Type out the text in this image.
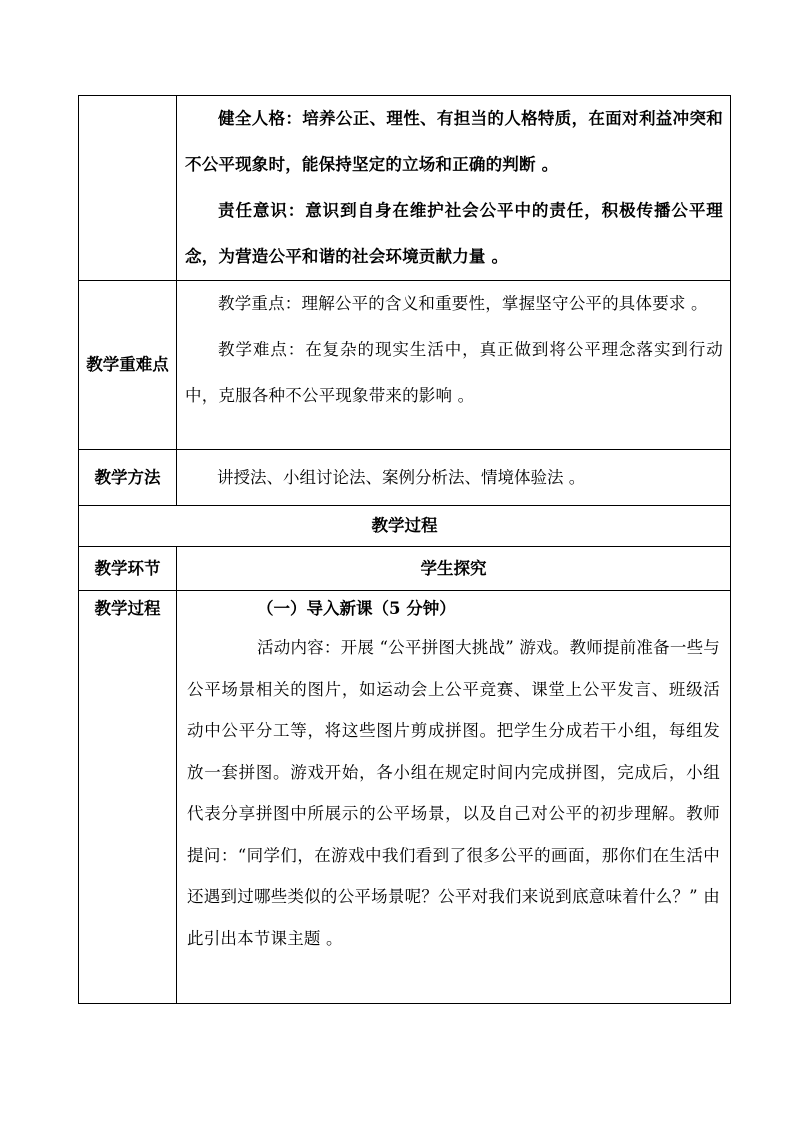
	健全人格：培养公正、理性、有担当的人格特质，在面对利益冲突和不公平现象时，能保持坚定的立场和正确的判断 。

责任意识：意识到自身在维护社会公平中的责任，积极传播公平理念，为营造公平和谐的社会环境贡献力量 。

教学重难点	教学重点：理解公平的含义和重要性，掌握坚守公平的具体要求 。

教学难点：在复杂的现实生活中，真正做到将公平理念落实到行动中，克服各种不公平现象带来的影响 。

教学方法	讲授法、小组讨论法、案例分析法、情境体验法 。

教学过程	

教学环节	学生探究

教学过程	（一）导入新课（5 分钟）

活动内容：开展 “公平拼图大挑战” 游戏。教师提前准备一些与公平场景相关的图片，如运动会上公平竞赛、课堂上公平发言、班级活动中公平分工等，将这些图片剪成拼图。把学生分成若干小组，每组发放一套拼图。游戏开始，各小组在规定时间内完成拼图，完成后，小组代表分享拼图中所展示的公平场景，以及自己对公平的初步理解。教师提问：“同学们，在游戏中我们看到了很多公平的画面，那你们在生活中还遇到过哪些类似的公平场景呢？公平对我们来说到底意味着什么？” 由此引出本节课主题 。
